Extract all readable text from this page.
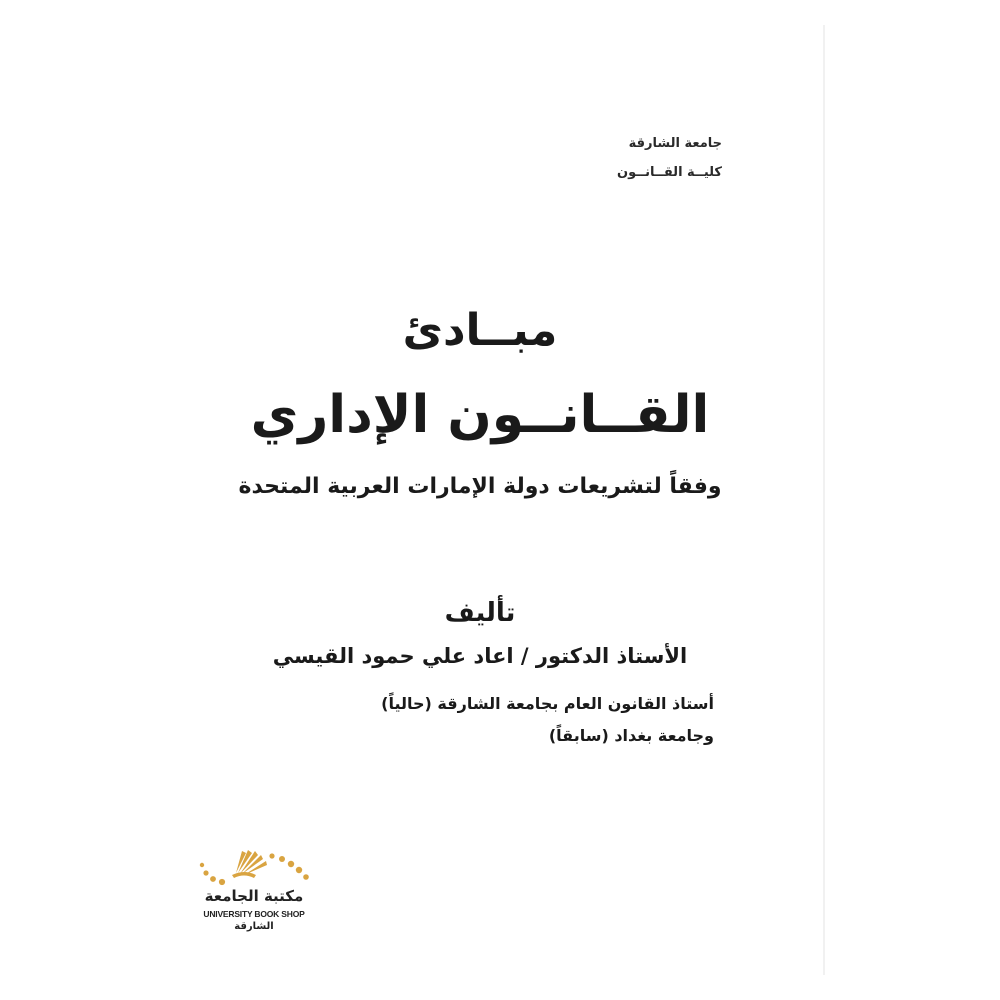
جامعة الشارقة
كليــة القــانــون
مبــادئ
القــانــون الإداري
وفقاً لتشريعات دولة الإمارات العربية المتحدة
تأليف
الأستاذ الدكتور / اعاد علي حمود القيسي
أستاذ القانون العام بجامعة الشارقة (حالياً)
وجامعة بغداد (سابقاً)
مكتبة الجامعة
UNIVERSITY BOOK SHOP
الشارقة
